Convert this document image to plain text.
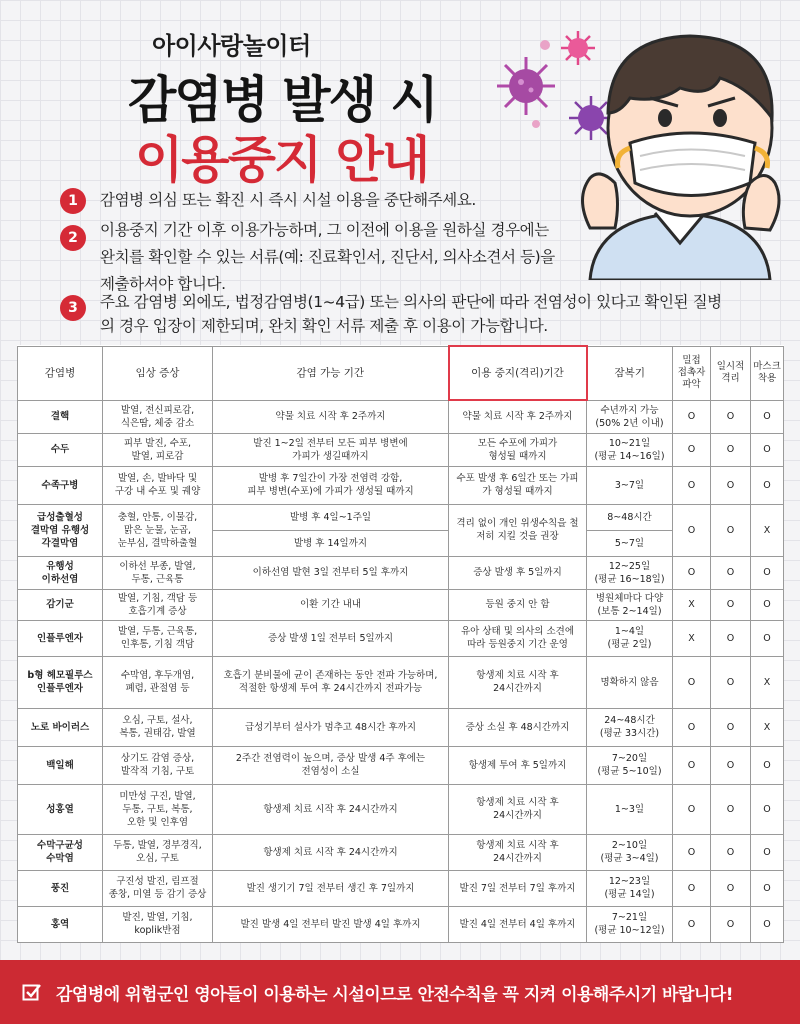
아이사랑놀이터
감염병 발생 시
이용중지 안내
1	감염병 의심 또는 확진 시 즉시 시설 이용을 중단해주세요.
2	이용중지 기간 이후 이용가능하며, 그 이전에 이용을 원하실 경우에는
완치를 확인할 수 있는 서류(예: 진료확인서, 진단서, 의사소견서 등)을
제출하셔야 합니다.
3	주요 감염병 외에도, 법정감염병(1~4급) 또는 의사의 판단에 따라 전염성이 있다고 확인된 질병
의 경우 입장이 제한되며, 완치 확인 서류 제출 후 이용이 가능합니다.
감염병	임상 증상	감염 가능 기간	이용 중지(격리)기간	잠복기	밀접
접촉자
파악	일시적
격리	마스크
착용
결핵	발열, 전신피로감,
식은땀, 체중 감소	약물 치료 시작 후 2주까지	약물 치료 시작 후 2주까지	수년까지 가능
(50% 2년 이내)	O	O	O
수두	피부 발진, 수포,
발열, 피로감	발진 1~2일 전부터 모든 피부 병변에
가피가 생길때까지	모든 수포에 가피가
형성될 때까지	10~21일
(평균 14~16일)	O	O	O
수족구병	발열, 손, 발바닥 및
구강 내 수포 및 궤양	발병 후 7일간이 가장 전염력 강함,
피부 병변(수포)에 가피가 생성될 때까지	수포 발생 후 6일간 또는 가피
가 형성될 때까지	3~7일	O	O	O
급성출혈성
결막염 유행성
각결막염	충혈, 안통, 이물감,
맑은 눈물, 눈곱,
눈부심, 결막하출혈	발병 후 4일~1주일	격리 없이 개인 위생수칙을 철
저히 지킬 것을 권장	8~48시간	O	O	X
		발병 후 14일까지		5~7일			
유행성
이하선염	이하선 부종, 발열,
두통, 근육통	이하선염 발현 3일 전부터 5일 후까지	증상 발생 후 5일까지	12~25일
(평균 16~18일)	O	O	O
감기군	발열, 기침, 객담 등
호흡기계 증상	이환 기간 내내	등원 중지 안 함	병원체마다 다양
(보통 2~14일)	X	O	O
인플루엔자	발열, 두통, 근육통,
인후통, 기침 객담	증상 발생 1일 전부터 5일까지	유아 상태 및 의사의 소견에
따라 등원중지 기간 운영	1~4일
(평균 2일)	X	O	O
b형 헤모필루스
인플루엔자	수막염, 후두개염,
폐렴, 관절염 등	호흡기 분비물에 균이 존재하는 동안 전파 가능하며,
적절한 항생제 투여 후 24시간까지 전파가능	항생제 치료 시작 후
24시간까지	명확하지 않음	O	O	X
노로 바이러스	오심, 구토, 설사,
복통, 권태감, 발열	급성기부터 설사가 멈추고 48시간 후까지	증상 소실 후 48시간까지	24~48시간
(평균 33시간)	O	O	X
백일해	상기도 감염 증상,
발작적 기침, 구토	2주간 전염력이 높으며, 증상 발생 4주 후에는
전염성이 소실	항생제 투여 후 5일까지	7~20일
(평균 5~10일)	O	O	O
성홍열	미만성 구진, 발열,
두통, 구토, 복통,
오한 및 인후염	항생제 치료 시작 후 24시간까지	항생제 치료 시작 후
24시간까지	1~3일	O	O	O
수막구균성
수막염	두통, 발열, 경부경직,
오심, 구토	항생제 치료 시작 후 24시간까지	항생제 치료 시작 후
24시간까지	2~10일
(평균 3~4일)	O	O	O
풍진	구진성 발진, 림프절
종창, 미열 등 감기 증상	발진 생기기 7일 전부터 생긴 후 7일까지	발진 7일 전부터 7일 후까지	12~23일
(평균 14일)	O	O	O
홍역	발진, 발열, 기침,
koplik반점	발진 발생 4일 전부터 발진 발생 4일 후까지	발진 4일 전부터 4일 후까지	7~21일
(평균 10~12일)	O	O	O
감염병에 위험군인 영아들이 이용하는 시설이므로 안전수칙을 꼭 지켜 이용해주시기 바랍니다!
